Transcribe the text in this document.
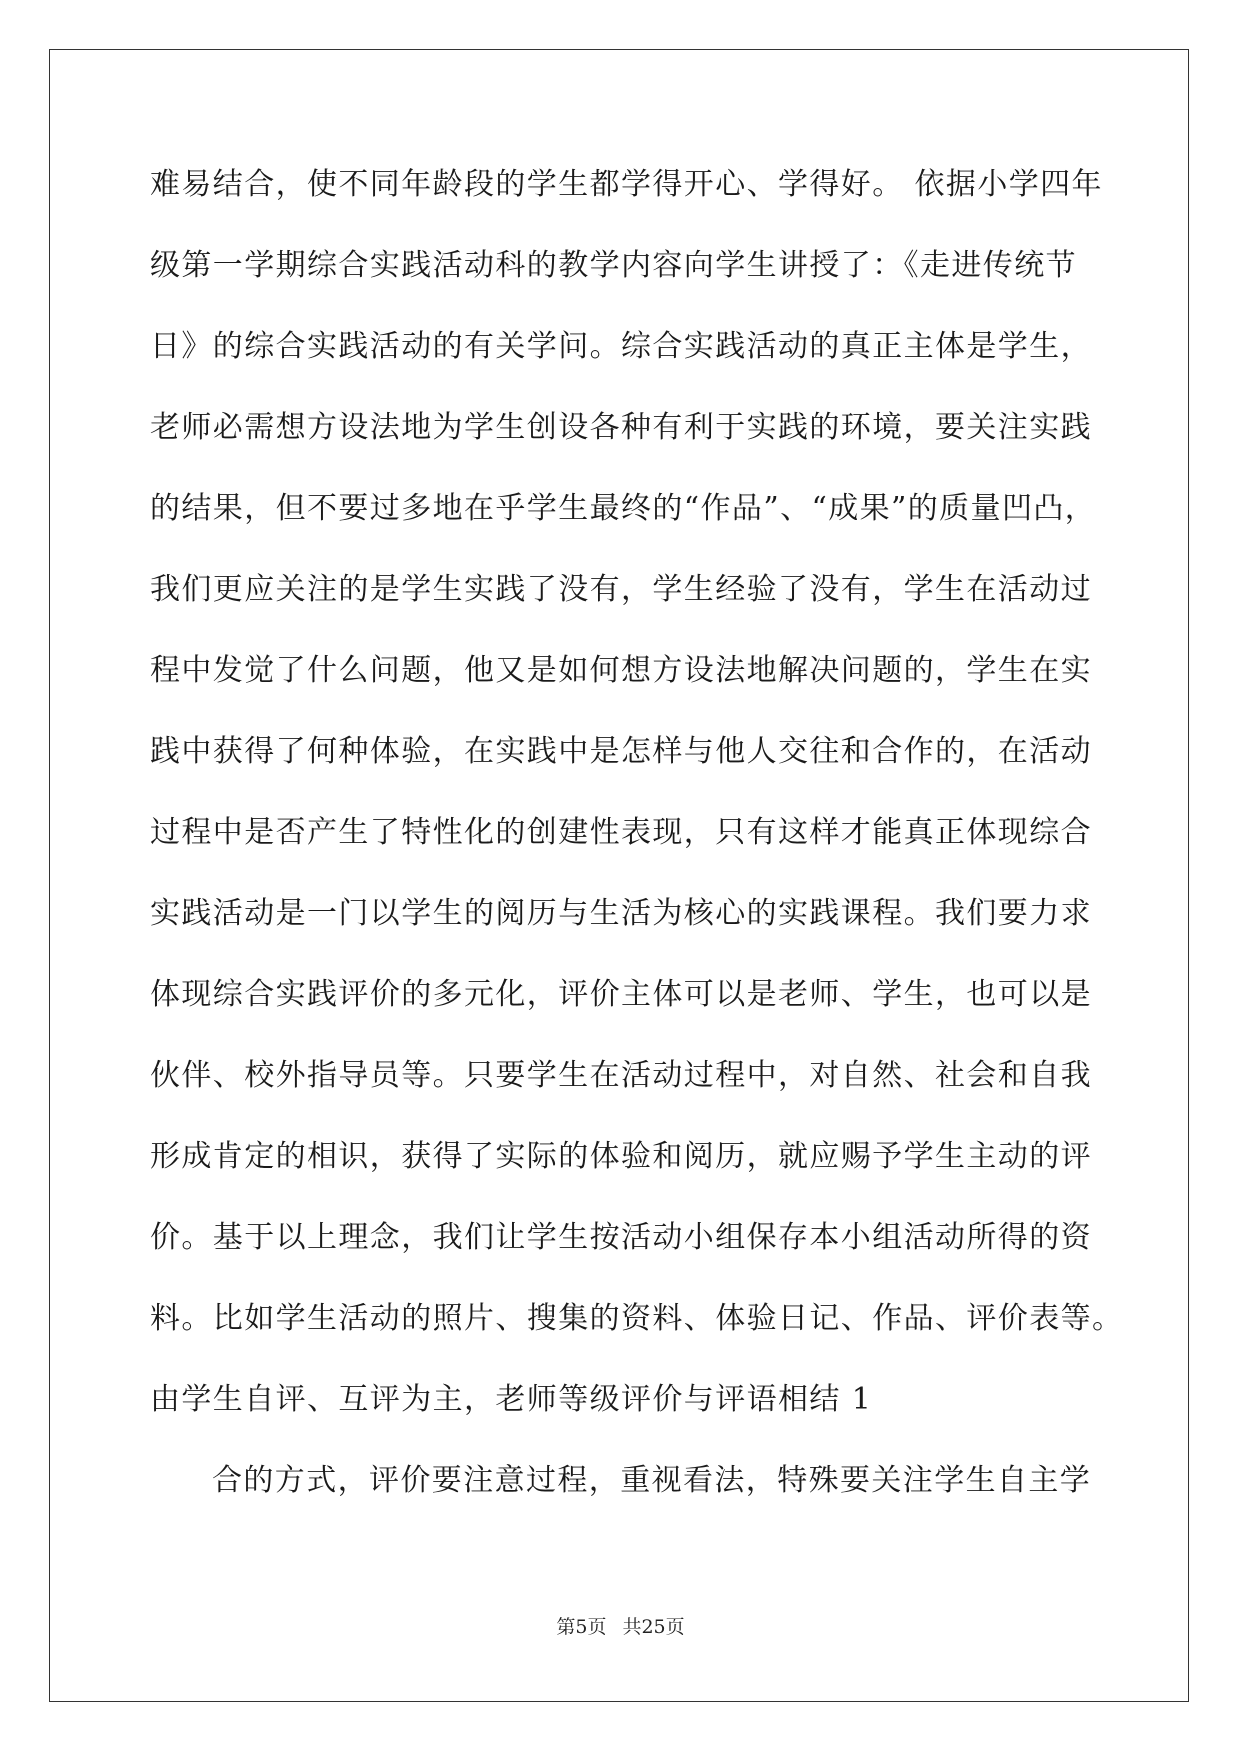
难易结合，使不同年龄段的学生都学得开心、学得好。 依据小学四年
级第一学期综合实践活动科的教学内容向学生讲授了：《走进传统节
日》的综合实践活动的有关学问。综合实践活动的真正主体是学生，
老师必需想方设法地为学生创设各种有利于实践的环境，要关注实践
的结果，但不要过多地在乎学生最终的“作品”、“成果”的质量凹凸，
我们更应关注的是学生实践了没有，学生经验了没有，学生在活动过
程中发觉了什么问题，他又是如何想方设法地解决问题的，学生在实
践中获得了何种体验，在实践中是怎样与他人交往和合作的，在活动
过程中是否产生了特性化的创建性表现，只有这样才能真正体现综合
实践活动是一门以学生的阅历与生活为核心的实践课程。我们要力求
体现综合实践评价的多元化，评价主体可以是老师、学生，也可以是
伙伴、校外指导员等。只要学生在活动过程中，对自然、社会和自我
形成肯定的相识，获得了实际的体验和阅历，就应赐予学生主动的评
价。基于以上理念，我们让学生按活动小组保存本小组活动所得的资
料。比如学生活动的照片、搜集的资料、体验日记、作品、评价表等。
由学生自评、互评为主，老师等级评价与评语相结 1
合的方式，评价要注意过程，重视看法，特殊要关注学生自主学
第5页 共25页
